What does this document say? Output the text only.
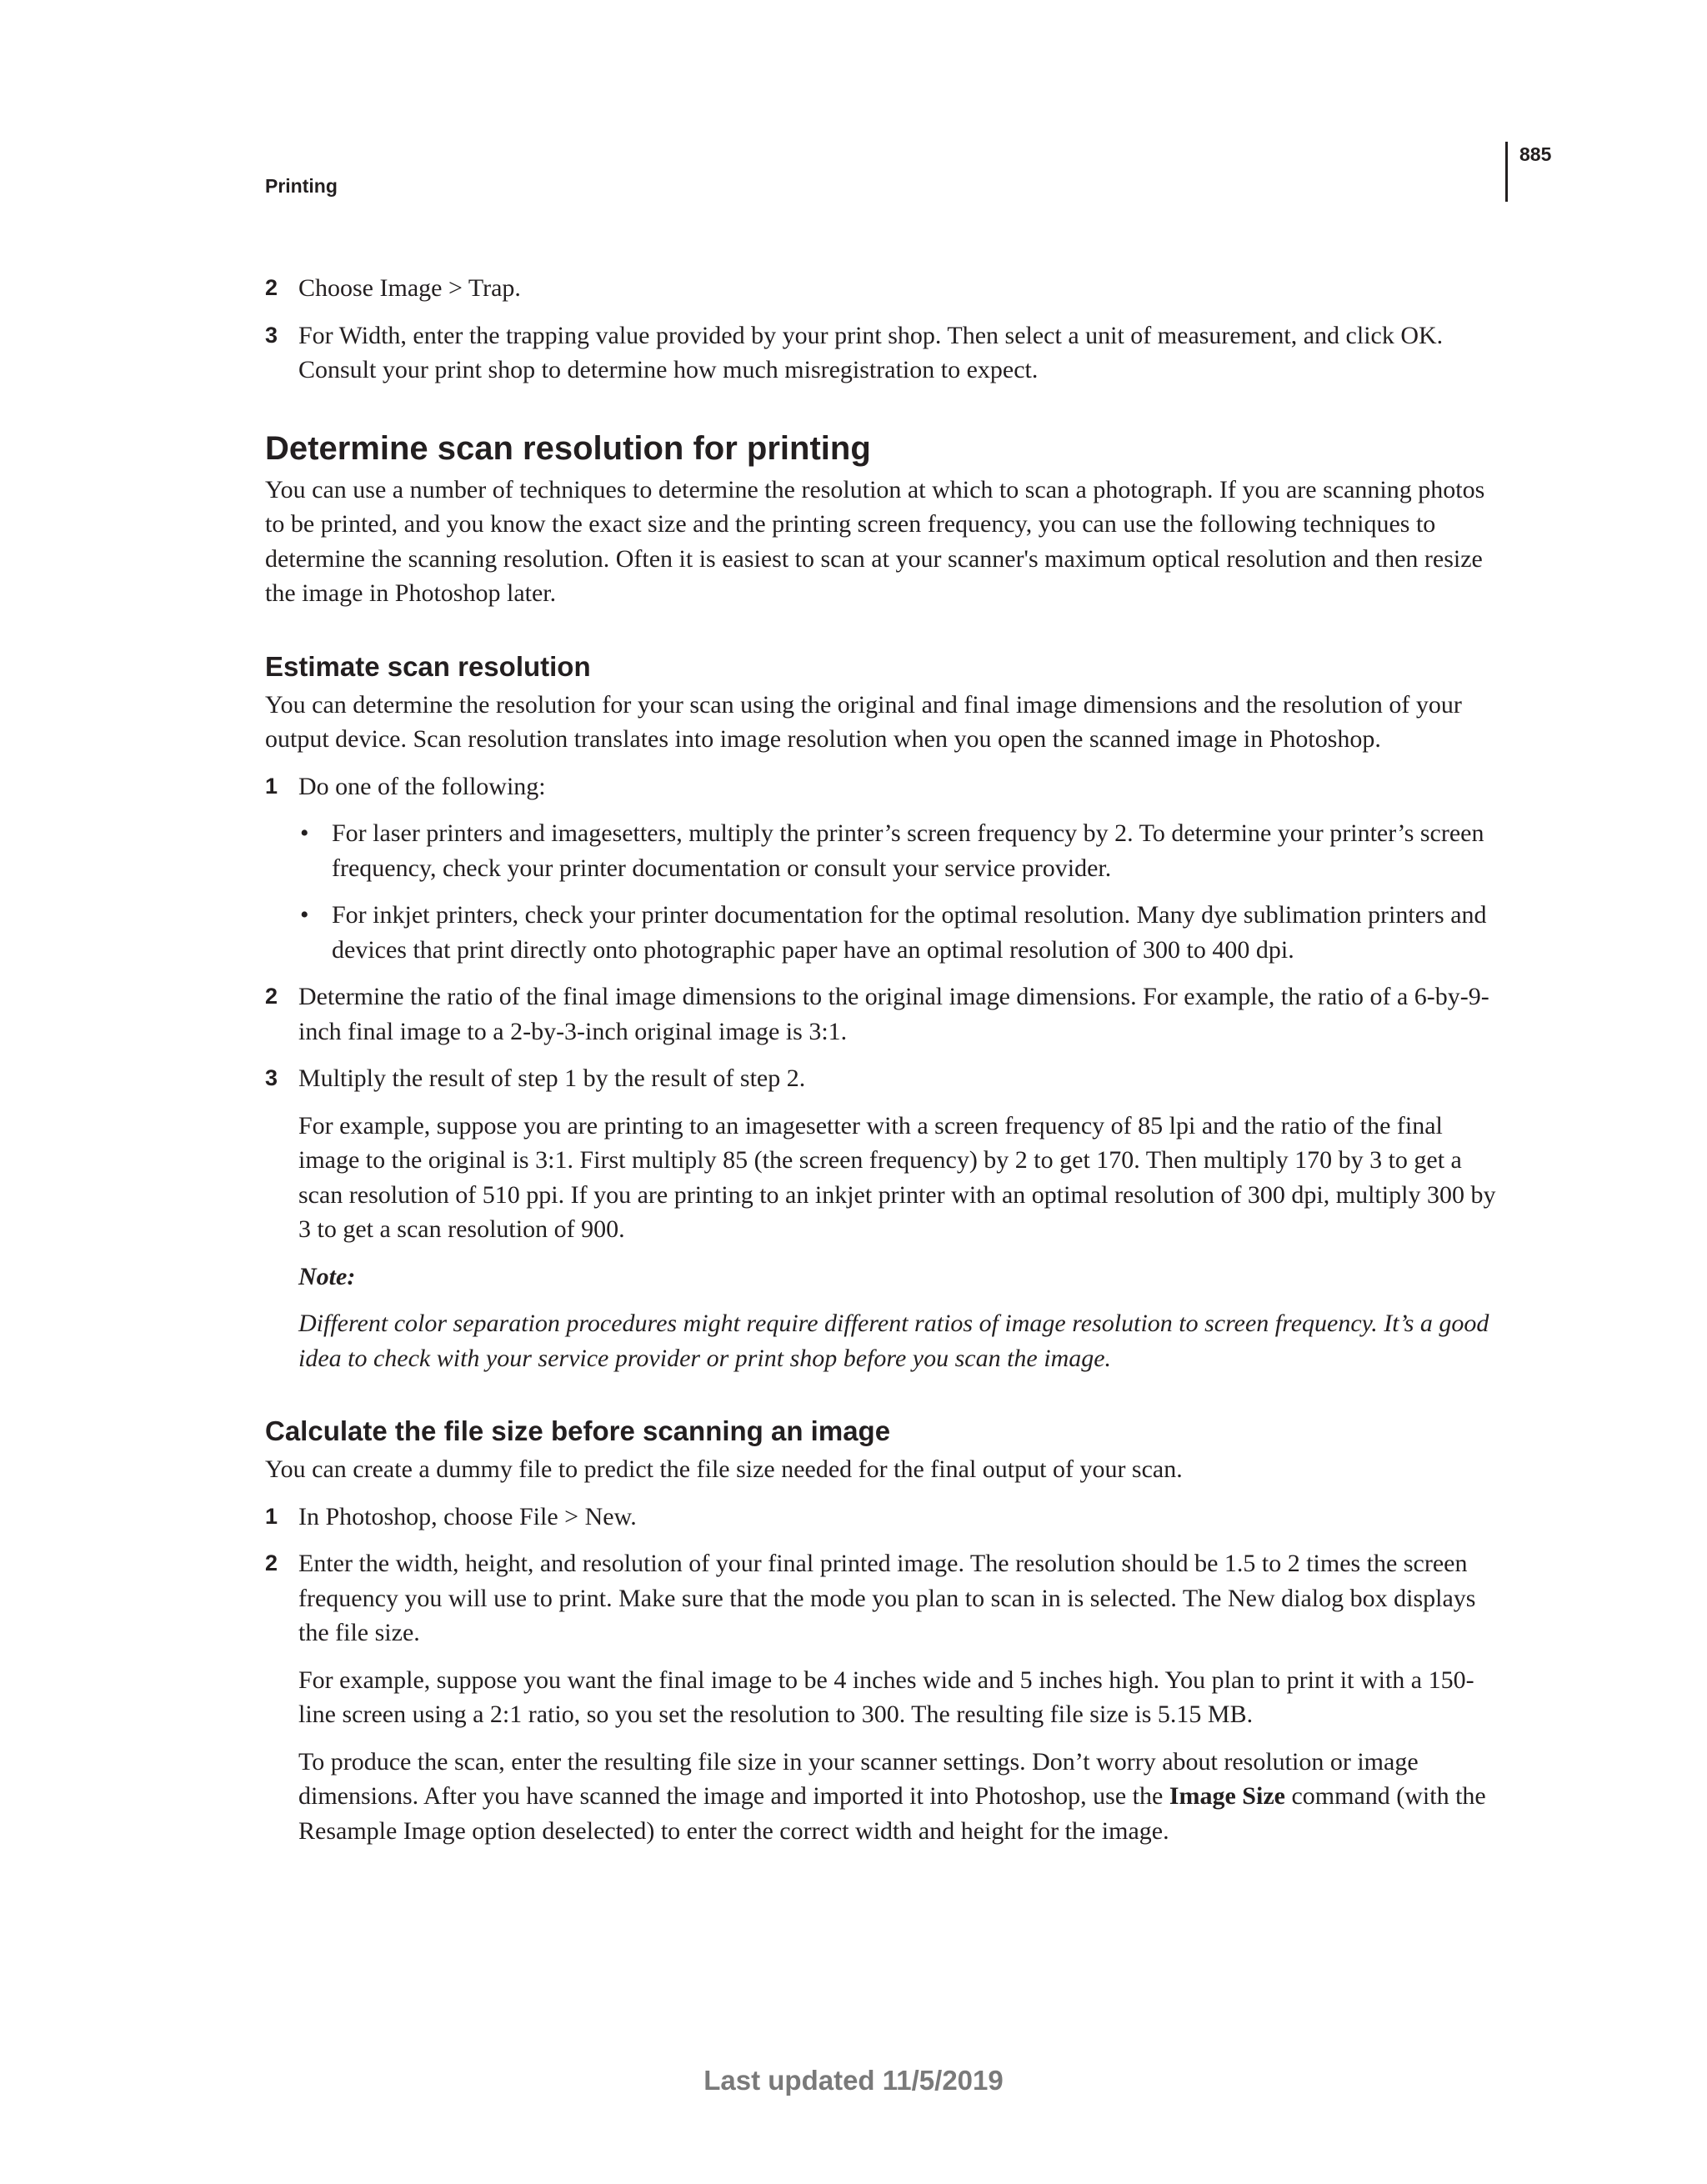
Printing
885
2 Choose Image > Trap.
3 For Width, enter the trapping value provided by your print shop. Then select a unit of measurement, and click OK. Consult your print shop to determine how much misregistration to expect.
Determine scan resolution for printing

You can use a number of techniques to determine the resolution at which to scan a photograph. If you are scanning photos to be printed, and you know the exact size and the printing screen frequency, you can use the following techniques to determine the scanning resolution. Often it is easiest to scan at your scanner's maximum optical resolution and then resize the image in Photoshop later.

Estimate scan resolution

You can determine the resolution for your scan using the original and final image dimensions and the resolution of your output device. Scan resolution translates into image resolution when you open the scanned image in Photoshop.

1 Do one of the following:
• For laser printers and imagesetters, multiply the printer’s screen frequency by 2. To determine your printer’s screen frequency, check your printer documentation or consult your service provider.
• For inkjet printers, check your printer documentation for the optimal resolution. Many dye sublimation printers and devices that print directly onto photographic paper have an optimal resolution of 300 to 400 dpi.
2 Determine the ratio of the final image dimensions to the original image dimensions. For example, the ratio of a 6-by-9-inch final image to a 2-by-3-inch original image is 3:1.
3 Multiply the result of step 1 by the result of step 2.
For example, suppose you are printing to an imagesetter with a screen frequency of 85 lpi and the ratio of the final image to the original is 3:1. First multiply 85 (the screen frequency) by 2 to get 170. Then multiply 170 by 3 to get a scan resolution of 510 ppi. If you are printing to an inkjet printer with an optimal resolution of 300 dpi, multiply 300 by 3 to get a scan resolution of 900.
Note:
Different color separation procedures might require different ratios of image resolution to screen frequency. It’s a good idea to check with your service provider or print shop before you scan the image.
Calculate the file size before scanning an image

You can create a dummy file to predict the file size needed for the final output of your scan.

1 In Photoshop, choose File > New.
2 Enter the width, height, and resolution of your final printed image. The resolution should be 1.5 to 2 times the screen frequency you will use to print. Make sure that the mode you plan to scan in is selected. The New dialog box displays the file size.
For example, suppose you want the final image to be 4 inches wide and 5 inches high. You plan to print it with a 150-line screen using a 2:1 ratio, so you set the resolution to 300. The resulting file size is 5.15 MB.
To produce the scan, enter the resulting file size in your scanner settings. Don’t worry about resolution or image dimensions. After you have scanned the image and imported it into Photoshop, use the Image Size command (with the Resample Image option deselected) to enter the correct width and height for the image.
Last updated 11/5/2019
